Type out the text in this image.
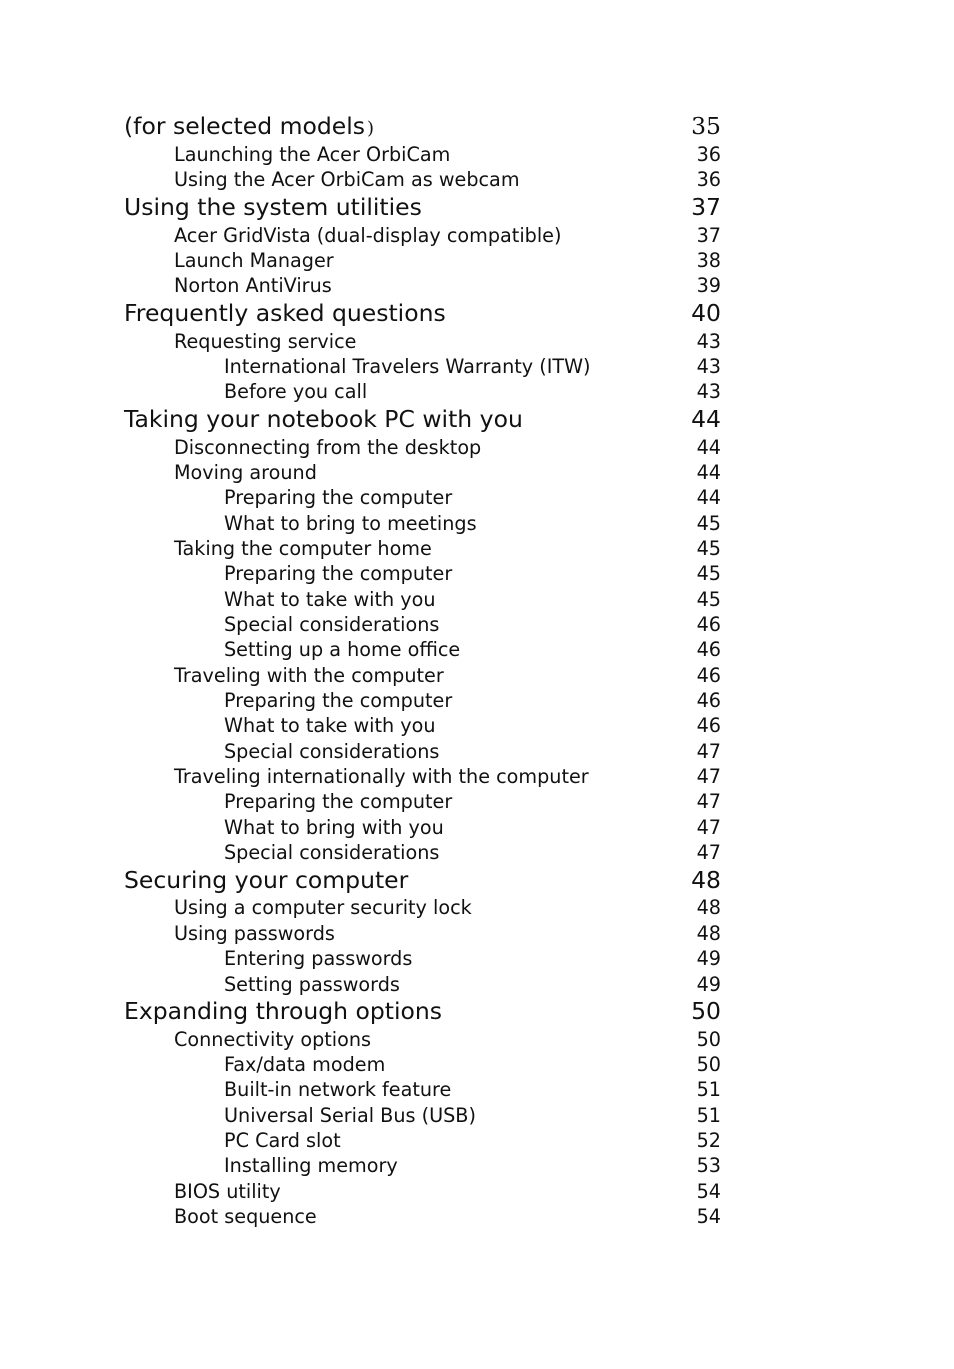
(for selected models )	35
Launching the Acer OrbiCam	36
Using the Acer OrbiCam as webcam	36
Using the system utilities	37
Acer GridVista (dual-display compatible)	37
Launch Manager	38
Norton AntiVirus	39
Frequently asked questions	40
Requesting service	43
International Travelers Warranty (ITW)	43
Before you call	43
Taking your notebook PC with you	44
Disconnecting from the desktop	44
Moving around	44
Preparing the computer	44
What to bring to meetings	45
Taking the computer home	45
Preparing the computer	45
What to take with you	45
Special considerations	46
Setting up a home office	46
Traveling with the computer	46
Preparing the computer	46
What to take with you	46
Special considerations	47
Traveling internationally with the computer	47
Preparing the computer	47
What to bring with you	47
Special considerations	47
Securing your computer	48
Using a computer security lock	48
Using passwords	48
Entering passwords	49
Setting passwords	49
Expanding through options	50
Connectivity options	50
Fax/data modem	50
Built-in network feature	51
Universal Serial Bus (USB)	51
PC Card slot	52
Installing memory	53
BIOS utility	54
Boot sequence	54
